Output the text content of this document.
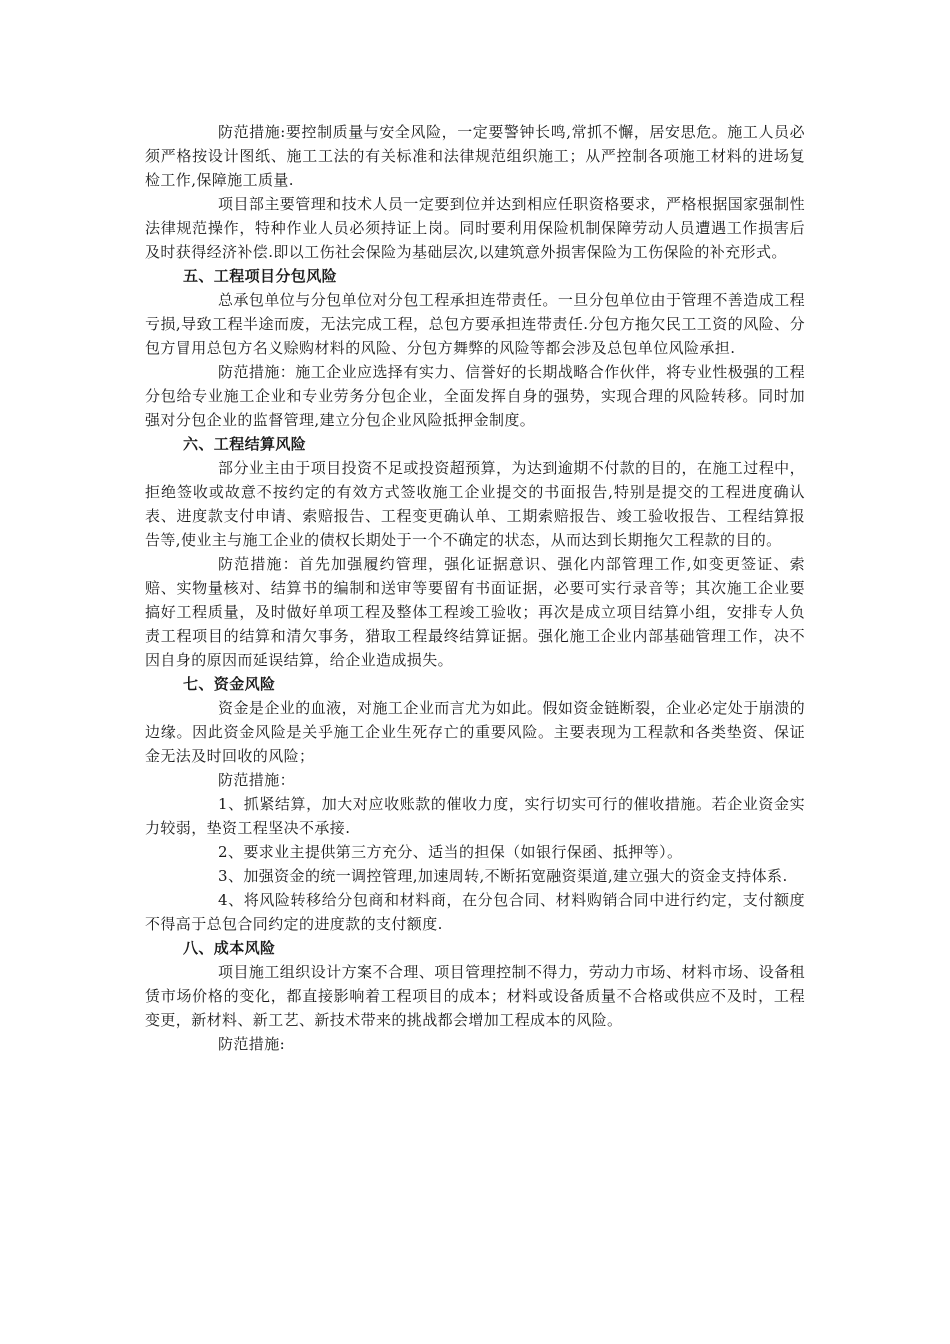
防范措施:要控制质量与安全风险，一定要警钟长鸣,常抓不懈，居安思危。施工人员必须严格按设计图纸、施工工法的有关标准和法律规范组织施工；从严控制各项施工材料的进场复检工作,保障施工质量.

项目部主要管理和技术人员一定要到位并达到相应任职资格要求，严格根据国家强制性法律规范操作，特种作业人员必须持证上岗。同时要利用保险机制保障劳动人员遭遇工作损害后及时获得经济补偿.即以工伤社会保险为基础层次,以建筑意外损害保险为工伤保险的补充形式。

五、工程项目分包风险

总承包单位与分包单位对分包工程承担连带责任。一旦分包单位由于管理不善造成工程亏损,导致工程半途而废，无法完成工程，总包方要承担连带责任.分包方拖欠民工工资的风险、分包方冒用总包方名义赊购材料的风险、分包方舞弊的风险等都会涉及总包单位风险承担.

防范措施：施工企业应选择有实力、信誉好的长期战略合作伙伴，将专业性极强的工程分包给专业施工企业和专业劳务分包企业，全面发挥自身的强势，实现合理的风险转移。同时加强对分包企业的监督管理,建立分包企业风险抵押金制度。

六、工程结算风险

部分业主由于项目投资不足或投资超预算，为达到逾期不付款的目的，在施工过程中，拒绝签收或故意不按约定的有效方式签收施工企业提交的书面报告,特别是提交的工程进度确认表、进度款支付申请、索赔报告、工程变更确认单、工期索赔报告、竣工验收报告、工程结算报告等,使业主与施工企业的债权长期处于一个不确定的状态，从而达到长期拖欠工程款的目的。

防范措施：首先加强履约管理，强化证据意识、强化内部管理工作,如变更签证、索赔、实物量核对、结算书的编制和送审等要留有书面证据，必要可实行录音等；其次施工企业要搞好工程质量，及时做好单项工程及整体工程竣工验收；再次是成立项目结算小组，安排专人负责工程项目的结算和清欠事务，猎取工程最终结算证据。强化施工企业内部基础管理工作，决不因自身的原因而延误结算，给企业造成损失。

七、资金风险

资金是企业的血液，对施工企业而言尤为如此。假如资金链断裂，企业必定处于崩溃的边缘。因此资金风险是关乎施工企业生死存亡的重要风险。主要表现为工程款和各类垫资、保证金无法及时回收的风险；

防范措施：

1、抓紧结算，加大对应收账款的催收力度，实行切实可行的催收措施。若企业资金实力较弱，垫资工程坚决不承接.

2、要求业主提供第三方充分、适当的担保（如银行保函、抵押等）。

3、加强资金的统一调控管理,加速周转,不断拓宽融资渠道,建立强大的资金支持体系.

4、将风险转移给分包商和材料商，在分包合同、材料购销合同中进行约定，支付额度不得高于总包合同约定的进度款的支付额度.

八、成本风险

项目施工组织设计方案不合理、项目管理控制不得力，劳动力市场、材料市场、设备租赁市场价格的变化，都直接影响着工程项目的成本；材料或设备质量不合格或供应不及时，工程变更，新材料、新工艺、新技术带来的挑战都会增加工程成本的风险。

防范措施:
